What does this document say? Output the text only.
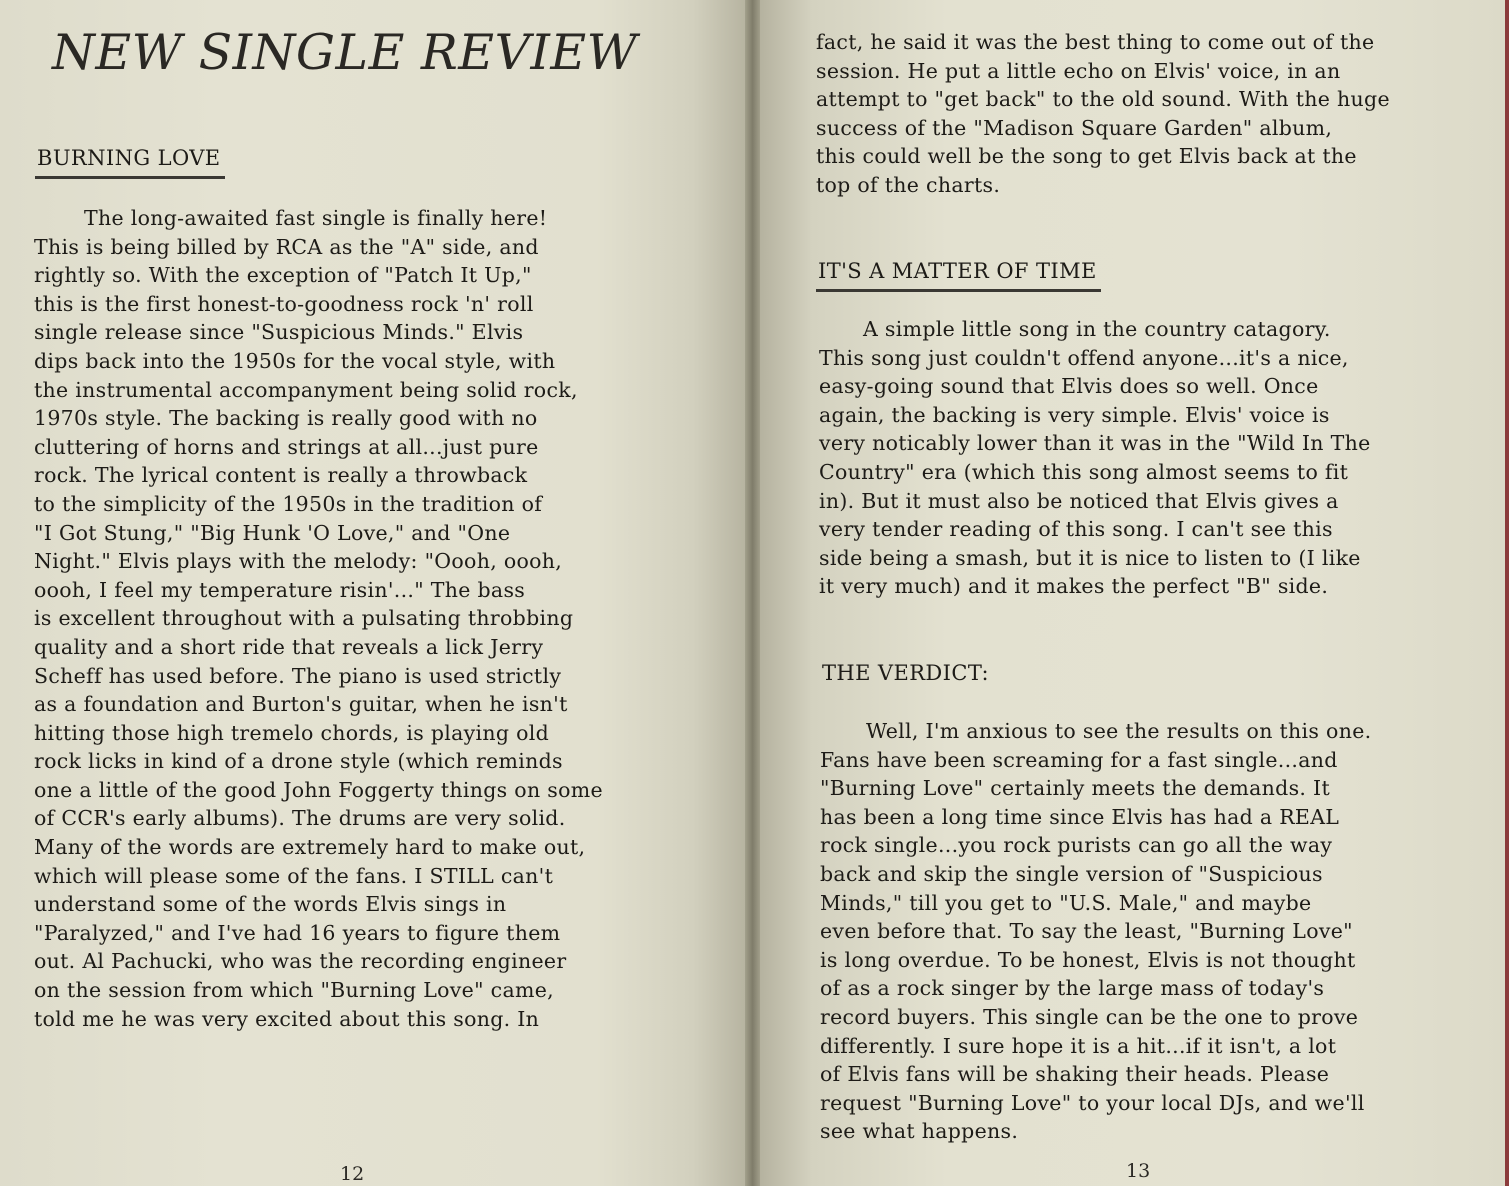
NEW SINGLE REVIEW
BURNING LOVE
The long-awaited fast single is finally here!
This is being billed by RCA as the "A" side, and
rightly so. With the exception of "Patch It Up,"
this is the first honest-to-goodness rock 'n' roll
single release since "Suspicious Minds." Elvis
dips back into the 1950s for the vocal style, with
the instrumental accompanyment being solid rock,
1970s style. The backing is really good with no
cluttering of horns and strings at all...just pure
rock. The lyrical content is really a throwback
to the simplicity of the 1950s in the tradition of
"I Got Stung," "Big Hunk 'O Love," and "One
Night." Elvis plays with the melody: "Oooh, oooh,
oooh, I feel my temperature risin'..." The bass
is excellent throughout with a pulsating throbbing
quality and a short ride that reveals a lick Jerry
Scheff has used before. The piano is used strictly
as a foundation and Burton's guitar, when he isn't
hitting those high tremelo chords, is playing old
rock licks in kind of a drone style (which reminds
one a little of the good John Foggerty things on some
of CCR's early albums). The drums are very solid.
Many of the words are extremely hard to make out,
which will please some of the fans. I STILL can't
understand some of the words Elvis sings in
"Paralyzed," and I've had 16 years to figure them
out. Al Pachucki, who was the recording engineer
on the session from which "Burning Love" came,
told me he was very excited about this song. In
12
fact, he said it was the best thing to come out of the
session. He put a little echo on Elvis' voice, in an
attempt to "get back" to the old sound. With the huge
success of the "Madison Square Garden" album,
this could well be the song to get Elvis back at the
top of the charts.
IT'S A MATTER OF TIME
A simple little song in the country catagory.
This song just couldn't offend anyone...it's a nice,
easy-going sound that Elvis does so well. Once
again, the backing is very simple. Elvis' voice is
very noticably lower than it was in the "Wild In The
Country" era (which this song almost seems to fit
in). But it must also be noticed that Elvis gives a
very tender reading of this song. I can't see this
side being a smash, but it is nice to listen to (I like
it very much) and it makes the perfect "B" side.
THE VERDICT:
Well, I'm anxious to see the results on this one.
Fans have been screaming for a fast single...and
"Burning Love" certainly meets the demands. It
has been a long time since Elvis has had a REAL
rock single...you rock purists can go all the way
back and skip the single version of "Suspicious
Minds," till you get to "U.S. Male," and maybe
even before that. To say the least, "Burning Love"
is long overdue. To be honest, Elvis is not thought
of as a rock singer by the large mass of today's
record buyers. This single can be the one to prove
differently. I sure hope it is a hit...if it isn't, a lot
of Elvis fans will be shaking their heads. Please
request "Burning Love" to your local DJs, and we'll
see what happens.
13
